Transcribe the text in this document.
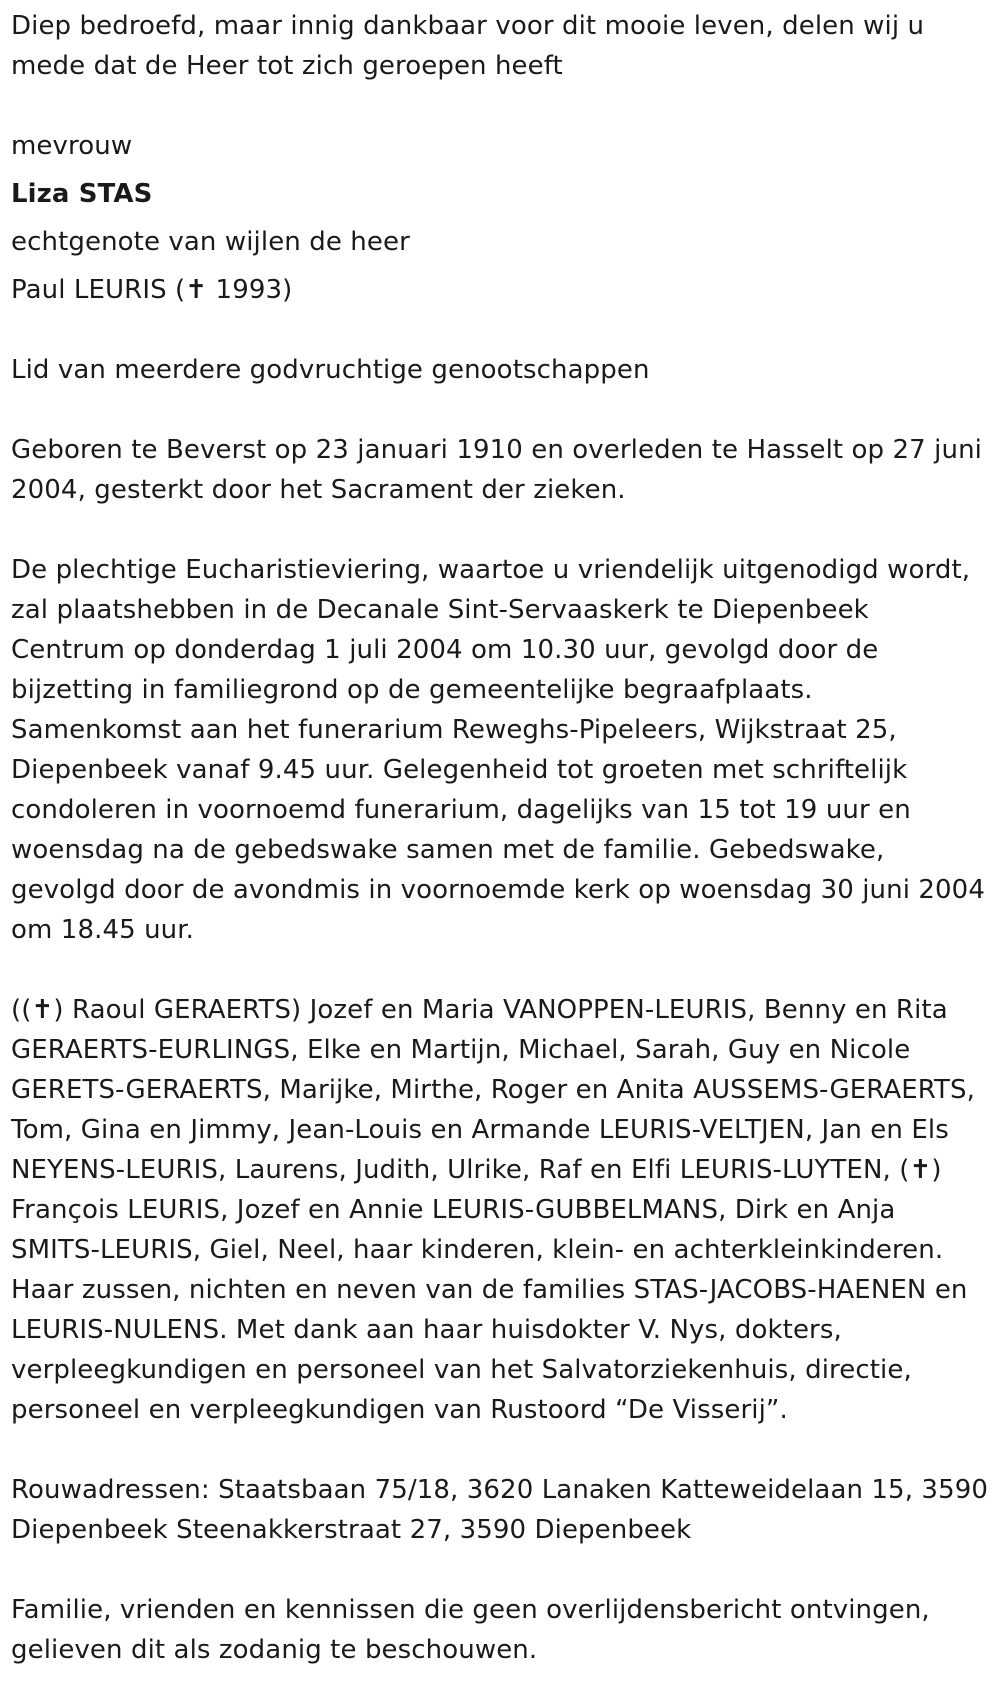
Diep bedroefd, maar innig dankbaar voor dit mooie leven, delen wij u mede dat de Heer tot zich geroepen heeft

mevrouw

Liza STAS

echtgenote van wijlen de heer

Paul LEURIS (✝ 1993)

Lid van meerdere godvruchtige genootschappen

Geboren te Beverst op 23 januari 1910 en overleden te Hasselt op 27 juni 2004, gesterkt door het Sacrament der zieken.

De plechtige Eucharistieviering, waartoe u vriendelijk uitgenodigd wordt, zal plaatshebben in de Decanale Sint-Servaaskerk te Diepenbeek Centrum op donderdag 1 juli 2004 om 10.30 uur, gevolgd door de bijzetting in familiegrond op de gemeentelijke begraafplaats. Samenkomst aan het funerarium Reweghs-Pipeleers, Wijkstraat 25, Diepenbeek vanaf 9.45 uur. Gelegenheid tot groeten met schriftelijk condoleren in voornoemd funerarium, dagelijks van 15 tot 19 uur en woensdag na de gebedswake samen met de familie. Gebedswake, gevolgd door de avondmis in voornoemde kerk op woensdag 30 juni 2004 om 18.45 uur.

((✝) Raoul GERAERTS) Jozef en Maria VANOPPEN-LEURIS, Benny en Rita GERAERTS-EURLINGS, Elke en Martijn, Michael, Sarah, Guy en Nicole GERETS-GERAERTS, Marijke, Mirthe, Roger en Anita AUSSEMS-GERAERTS, Tom, Gina en Jimmy, Jean-Louis en Armande LEURIS-VELTJEN, Jan en Els NEYENS-LEURIS, Laurens, Judith, Ulrike, Raf en Elfi LEURIS-LUYTEN, (✝) François LEURIS, Jozef en Annie LEURIS-GUBBELMANS, Dirk en Anja SMITS-LEURIS, Giel, Neel, haar kinderen, klein- en achterkleinkinderen. Haar zussen, nichten en neven van de families STAS-JACOBS-HAENEN en LEURIS-NULENS. Met dank aan haar huisdokter V. Nys, dokters, verpleegkundigen en personeel van het Salvatorziekenhuis, directie, personeel en verpleegkundigen van Rustoord “De Visserij”.

Rouwadressen: Staatsbaan 75/18, 3620 Lanaken Katteweidelaan 15, 3590 Diepenbeek Steenakkerstraat 27, 3590 Diepenbeek

Familie, vrienden en kennissen die geen overlijdensbericht ontvingen, gelieven dit als zodanig te beschouwen.
